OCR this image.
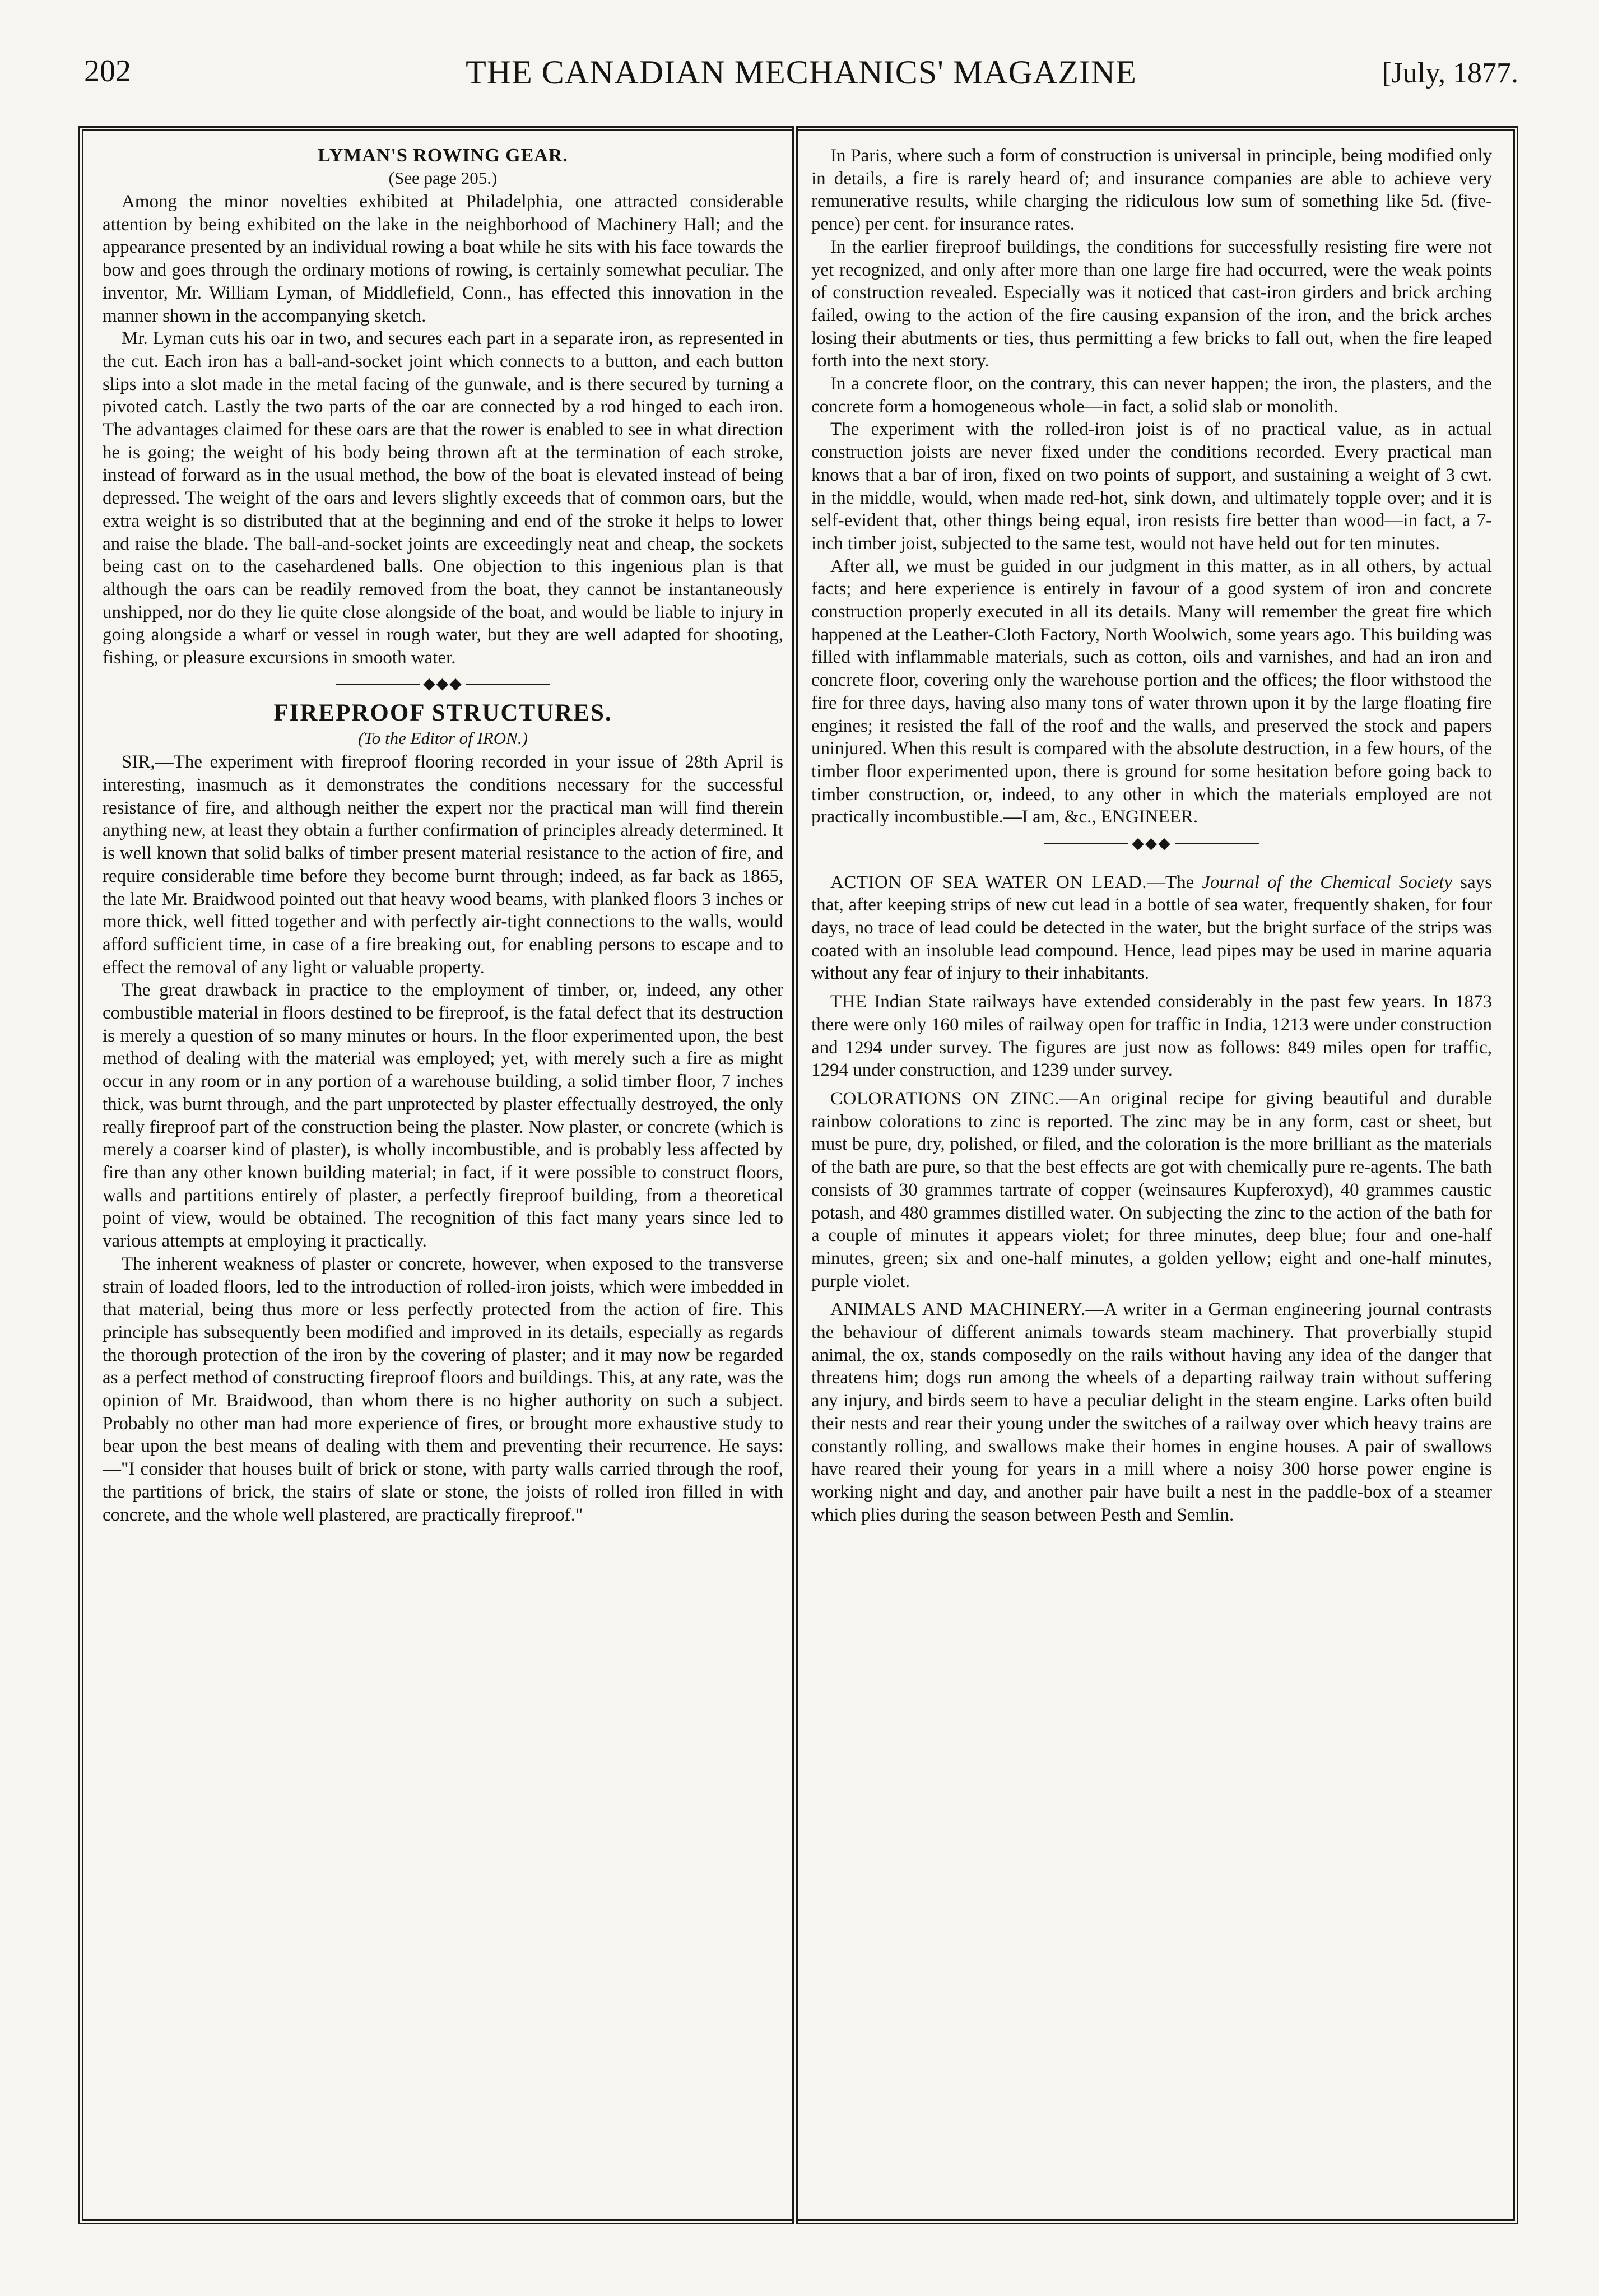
202	THE CANADIAN MECHANICS' MAGAZINE	[July, 1877.
LYMAN'S ROWING GEAR.
(See page 205.)

Among the minor novelties exhibited at Philadelphia, one attracted considerable attention by being exhibited on the lake in the neighborhood of Machinery Hall; and the appearance presented by an individual rowing a boat while he sits with his face towards the bow and goes through the ordinary motions of rowing, is certainly somewhat peculiar. The inventor, Mr. William Lyman, of Middlefield, Conn., has effected this innovation in the manner shown in the accompanying sketch.

Mr. Lyman cuts his oar in two, and secures each part in a separate iron, as represented in the cut. Each iron has a ball-and-socket joint which connects to a button, and each button slips into a slot made in the metal facing of the gunwale, and is there secured by turning a pivoted catch. Lastly the two parts of the oar are connected by a rod hinged to each iron. The advantages claimed for these oars are that the rower is enabled to see in what direction he is going; the weight of his body being thrown aft at the termination of each stroke, instead of forward as in the usual method, the bow of the boat is elevated instead of being depressed. The weight of the oars and levers slightly exceeds that of common oars, but the extra weight is so distributed that at the beginning and end of the stroke it helps to lower and raise the blade. The ball-and-socket joints are exceedingly neat and cheap, the sockets being cast on to the casehardened balls. One objection to this ingenious plan is that although the oars can be readily removed from the boat, they cannot be instantaneously unshipped, nor do they lie quite close alongside of the boat, and would be liable to injury in going alongside a wharf or vessel in rough water, but they are well adapted for shooting, fishing, or pleasure excursions in smooth water.

◆◆◆
FIREPROOF STRUCTURES.
(To the Editor of IRON.)

SIR,—The experiment with fireproof flooring recorded in your issue of 28th April is interesting, inasmuch as it demonstrates the conditions necessary for the successful resistance of fire, and although neither the expert nor the practical man will find therein anything new, at least they obtain a further confirmation of principles already determined. It is well known that solid balks of timber present material resistance to the action of fire, and require considerable time before they become burnt through; indeed, as far back as 1865, the late Mr. Braidwood pointed out that heavy wood beams, with planked floors 3 inches or more thick, well fitted together and with perfectly air-tight connections to the walls, would afford sufficient time, in case of a fire breaking out, for enabling persons to escape and to effect the removal of any light or valuable property.

The great drawback in practice to the employment of timber, or, indeed, any other combustible material in floors destined to be fireproof, is the fatal defect that its destruction is merely a question of so many minutes or hours. In the floor experimented upon, the best method of dealing with the material was employed; yet, with merely such a fire as might occur in any room or in any portion of a warehouse building, a solid timber floor, 7 inches thick, was burnt through, and the part unprotected by plaster effectually destroyed, the only really fireproof part of the construction being the plaster. Now plaster, or concrete (which is merely a coarser kind of plaster), is wholly incombustible, and is probably less affected by fire than any other known building material; in fact, if it were possible to construct floors, walls and partitions entirely of plaster, a perfectly fireproof building, from a theoretical point of view, would be obtained. The recognition of this fact many years since led to various attempts at employing it practically.

The inherent weakness of plaster or concrete, however, when exposed to the transverse strain of loaded floors, led to the introduction of rolled-iron joists, which were imbedded in that material, being thus more or less perfectly protected from the action of fire. This principle has subsequently been modified and improved in its details, especially as regards the thorough protection of the iron by the covering of plaster; and it may now be regarded as a perfect method of constructing fireproof floors and buildings. This, at any rate, was the opinion of Mr. Braidwood, than whom there is no higher authority on such a subject. Probably no other man had more experience of fires, or brought more exhaustive study to bear upon the best means of dealing with them and preventing their recurrence. He says:—"I consider that houses built of brick or stone, with party walls carried through the roof, the partitions of brick, the stairs of slate or stone, the joists of rolled iron filled in with concrete, and the whole well plastered, are practically fireproof."

In Paris, where such a form of construction is universal in principle, being modified only in details, a fire is rarely heard of; and insurance companies are able to achieve very remunerative results, while charging the ridiculous low sum of something like 5d. (five-pence) per cent. for insurance rates.

In the earlier fireproof buildings, the conditions for successfully resisting fire were not yet recognized, and only after more than one large fire had occurred, were the weak points of construction revealed. Especially was it noticed that cast-iron girders and brick arching failed, owing to the action of the fire causing expansion of the iron, and the brick arches losing their abutments or ties, thus permitting a few bricks to fall out, when the fire leaped forth into the next story.

In a concrete floor, on the contrary, this can never happen; the iron, the plasters, and the concrete form a homogeneous whole—in fact, a solid slab or monolith.

The experiment with the rolled-iron joist is of no practical value, as in actual construction joists are never fixed under the conditions recorded. Every practical man knows that a bar of iron, fixed on two points of support, and sustaining a weight of 3 cwt. in the middle, would, when made red-hot, sink down, and ultimately topple over; and it is self-evident that, other things being equal, iron resists fire better than wood—in fact, a 7-inch timber joist, subjected to the same test, would not have held out for ten minutes.

After all, we must be guided in our judgment in this matter, as in all others, by actual facts; and here experience is entirely in favour of a good system of iron and concrete construction properly executed in all its details. Many will remember the great fire which happened at the Leather-Cloth Factory, North Woolwich, some years ago. This building was filled with inflammable materials, such as cotton, oils and varnishes, and had an iron and concrete floor, covering only the warehouse portion and the offices; the floor withstood the fire for three days, having also many tons of water thrown upon it by the large floating fire engines; it resisted the fall of the roof and the walls, and preserved the stock and papers uninjured. When this result is compared with the absolute destruction, in a few hours, of the timber floor experimented upon, there is ground for some hesitation before going back to timber construction, or, indeed, to any other in which the materials employed are not practically incombustible.—I am, &c., ENGINEER.

◆◆◆

ACTION OF SEA WATER ON LEAD.—The Journal of the Chemical Society says that, after keeping strips of new cut lead in a bottle of sea water, frequently shaken, for four days, no trace of lead could be detected in the water, but the bright surface of the strips was coated with an insoluble lead compound. Hence, lead pipes may be used in marine aquaria without any fear of injury to their inhabitants.

THE Indian State railways have extended considerably in the past few years. In 1873 there were only 160 miles of railway open for traffic in India, 1213 were under construction and 1294 under survey. The figures are just now as follows: 849 miles open for traffic, 1294 under construction, and 1239 under survey.

COLORATIONS ON ZINC.—An original recipe for giving beautiful and durable rainbow colorations to zinc is reported. The zinc may be in any form, cast or sheet, but must be pure, dry, polished, or filed, and the coloration is the more brilliant as the materials of the bath are pure, so that the best effects are got with chemically pure re-agents. The bath consists of 30 grammes tartrate of copper (weinsaures Kupferoxyd), 40 grammes caustic potash, and 480 grammes distilled water. On subjecting the zinc to the action of the bath for a couple of minutes it appears violet; for three minutes, deep blue; four and one-half minutes, green; six and one-half minutes, a golden yellow; eight and one-half minutes, purple violet.

ANIMALS AND MACHINERY.—A writer in a German engineering journal contrasts the behaviour of different animals towards steam machinery. That proverbially stupid animal, the ox, stands composedly on the rails without having any idea of the danger that threatens him; dogs run among the wheels of a departing railway train without suffering any injury, and birds seem to have a peculiar delight in the steam engine. Larks often build their nests and rear their young under the switches of a railway over which heavy trains are constantly rolling, and swallows make their homes in engine houses. A pair of swallows have reared their young for years in a mill where a noisy 300 horse power engine is working night and day, and another pair have built a nest in the paddle-box of a steamer which plies during the season between Pesth and Semlin.
